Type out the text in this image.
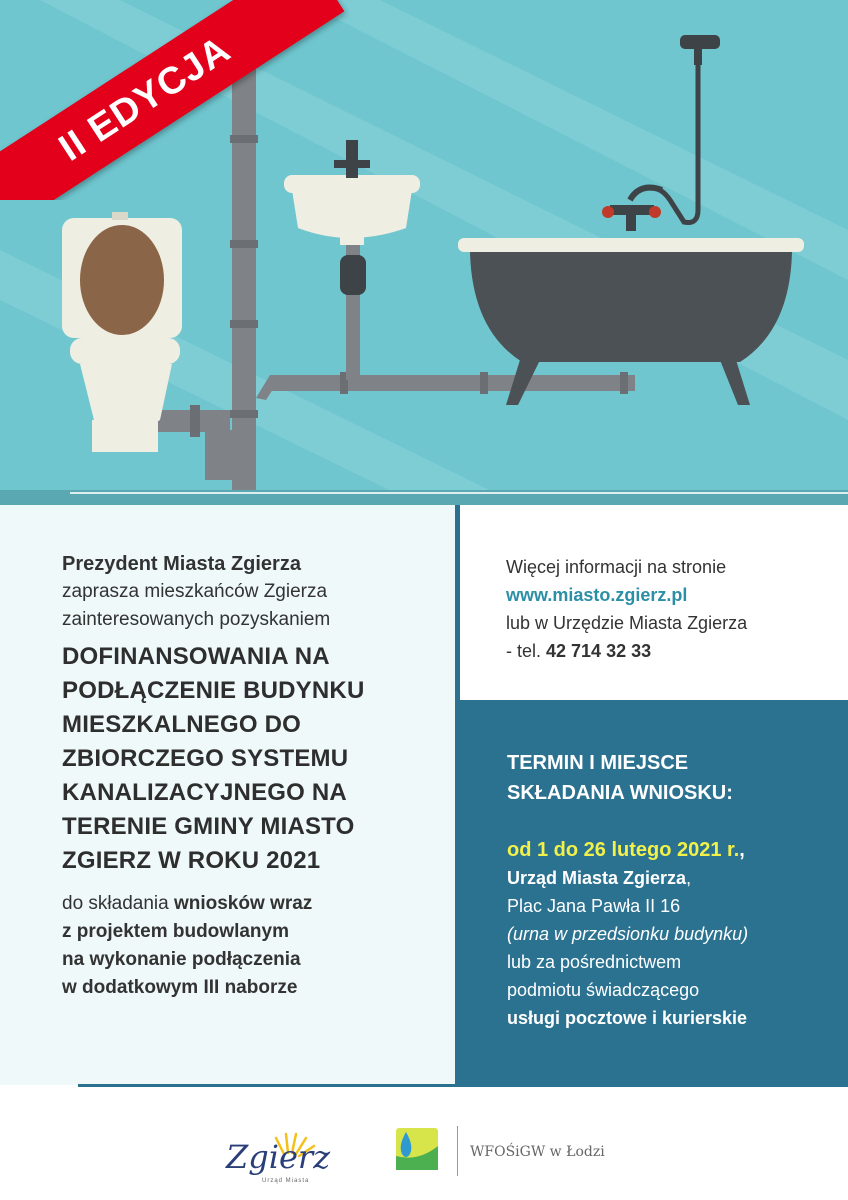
II EDYCJA
Prezydent Miasta Zgierza
zaprasza mieszkańców Zgierza
zainteresowanych pozyskaniem
DOFINANSOWANIA NA
PODŁĄCZENIE BUDYNKU
MIESZKALNEGO DO
ZBIORCZEGO SYSTEMU
KANALIZACYJNEGO NA
TERENIE GMINY MIASTO
ZGIERZ W ROKU 2021
do składania wniosków wraz
z projektem budowlanym
na wykonanie podłączenia
w dodatkowym III naborze
Więcej informacji na stronie
www.miasto.zgierz.pl
lub w Urzędzie Miasta Zgierza
- tel. 42 714 32 33
TERMIN I MIEJSCE
SKŁADANIA WNIOSKU:
od 1 do 26 lutego 2021 r.,
Urząd Miasta Zgierza,
Plac Jana Pawła II 16
(urna w przedsionku budynku)
lub za pośrednictwem
podmiotu świadczącego
usługi pocztowe i kurierskie
Zgierz
Urząd Miasta
WFOŚiGW w Łodzi
